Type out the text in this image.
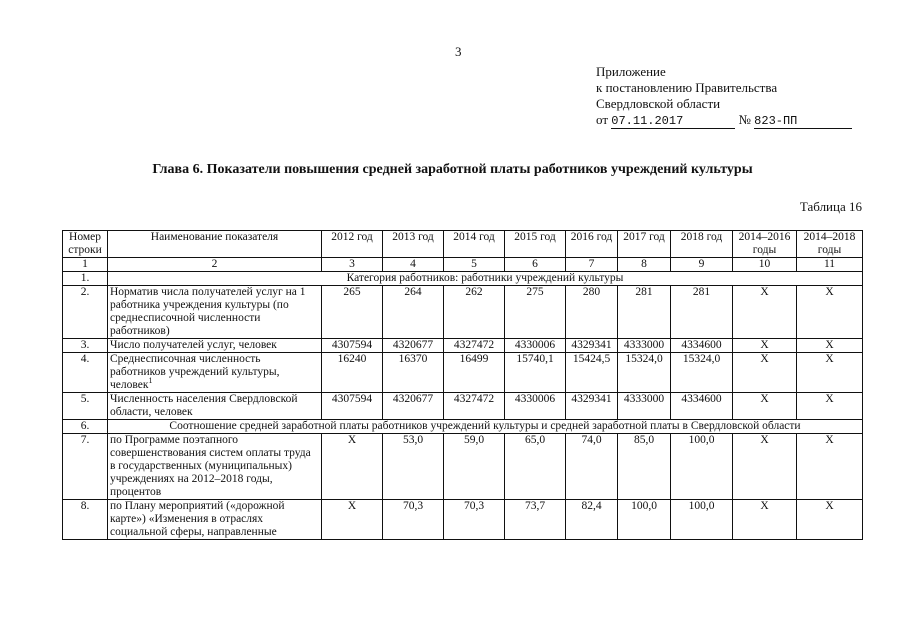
3
Приложение
к постановлению Правительства
Свердловской области
от 07.11.2017	№ 823-ПП
Глава 6. Показатели повышения средней заработной платы работников учреждений культуры
Таблица 16
Номер строки	Наименование показателя	2012 год	2013 год	2014 год	2015 год	2016 год	2017 год	2018 год	2014–2016 годы	2014–2018 годы
1	2	3	4	5	6	7	8	9	10	11
1.	Категория работников: работники учреждений культуры									
2.	Норматив числа получателей услуг на 1 работника учреждения культуры (по среднесписочной численности работников)	265	264	262	275	280	281	281	Х	Х
3.	Число получателей услуг, человек	4307594	4320677	4327472	4330006	4329341	4333000	4334600	Х	Х
4.	Среднесписочная численность работников учреждений культуры, человек$^1$	16240	16370	16499	15740,1	15424,5	15324,0	15324,0	Х	Х
5.	Численность населения Свердловской области, человек	4307594	4320677	4327472	4330006	4329341	4333000	4334600	Х	Х
6.	Соотношение средней заработной платы работников учреждений культуры и средней заработной платы в Свердловской области									
7.	по Программе поэтапного совершенствования систем оплаты труда в государственных (муниципальных) учреждениях на 2012–2018 годы, процентов	Х	53,0	59,0	65,0	74,0	85,0	100,0	Х	Х
8.	по Плану мероприятий («дорожной карте») «Изменения в отраслях социальной сферы, направленные	Х	70,3	70,3	73,7	82,4	100,0	100,0	Х	Х
